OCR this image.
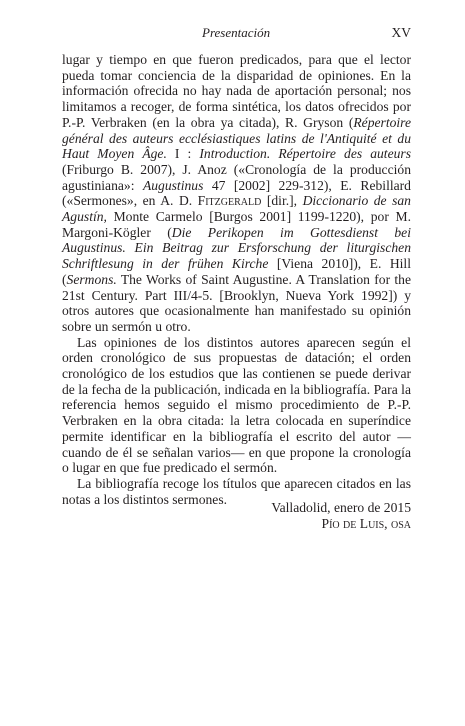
Presentación	XV

lugar y tiempo en que fueron predicados, para que el lector pueda tomar conciencia de la disparidad de opiniones. En la información ofrecida no hay nada de aportación personal; nos limitamos a recoger, de forma sintética, los datos ofrecidos por P.-P. Verbraken (en la obra ya citada), R. Gryson (Répertoire général des auteurs ecclésiastiques latins de l'Antiquité et du Haut Moyen Âge. I : Introduction. Répertoire des auteurs (Friburgo B. 2007), J. Anoz («Cronología de la producción agustiniana»: Augustinus 47 [2002] 229-312), E. Rebillard («Sermones», en A. D. Fitzgerald [dir.], Diccionario de san Agustín, Monte Carmelo [Burgos 2001] 1199-1220), por M. Margoni-Kögler (Die Perikopen im Gottesdienst bei Augustinus. Ein Beitrag zur Ersforschung der liturgischen Schriftlesung in der frühen Kirche [Viena 2010]), E. Hill (Sermons. The Works of Saint Augustine. A Translation for the 21st Century. Part III/4-5. [Brooklyn, Nueva York 1992]) y otros autores que ocasionalmente han manifestado su opinión sobre un sermón u otro.

Las opiniones de los distintos autores aparecen según el orden cronológico de sus propuestas de datación; el orden cronológico de los estudios que las contienen se puede derivar de la fecha de la publicación, indicada en la bibliografía. Para la referencia hemos seguido el mismo procedimiento de P.-P. Verbraken en la obra citada: la letra colocada en superíndice permite identificar en la bibliografía el escrito del autor —cuando de él se señalan varios— en que propone la cronología o lugar en que fue predicado el sermón.

La bibliografía recoge los títulos que aparecen citados en las notas a los distintos sermones.

Valladolid, enero de 2015
Pío de Luis, osa
